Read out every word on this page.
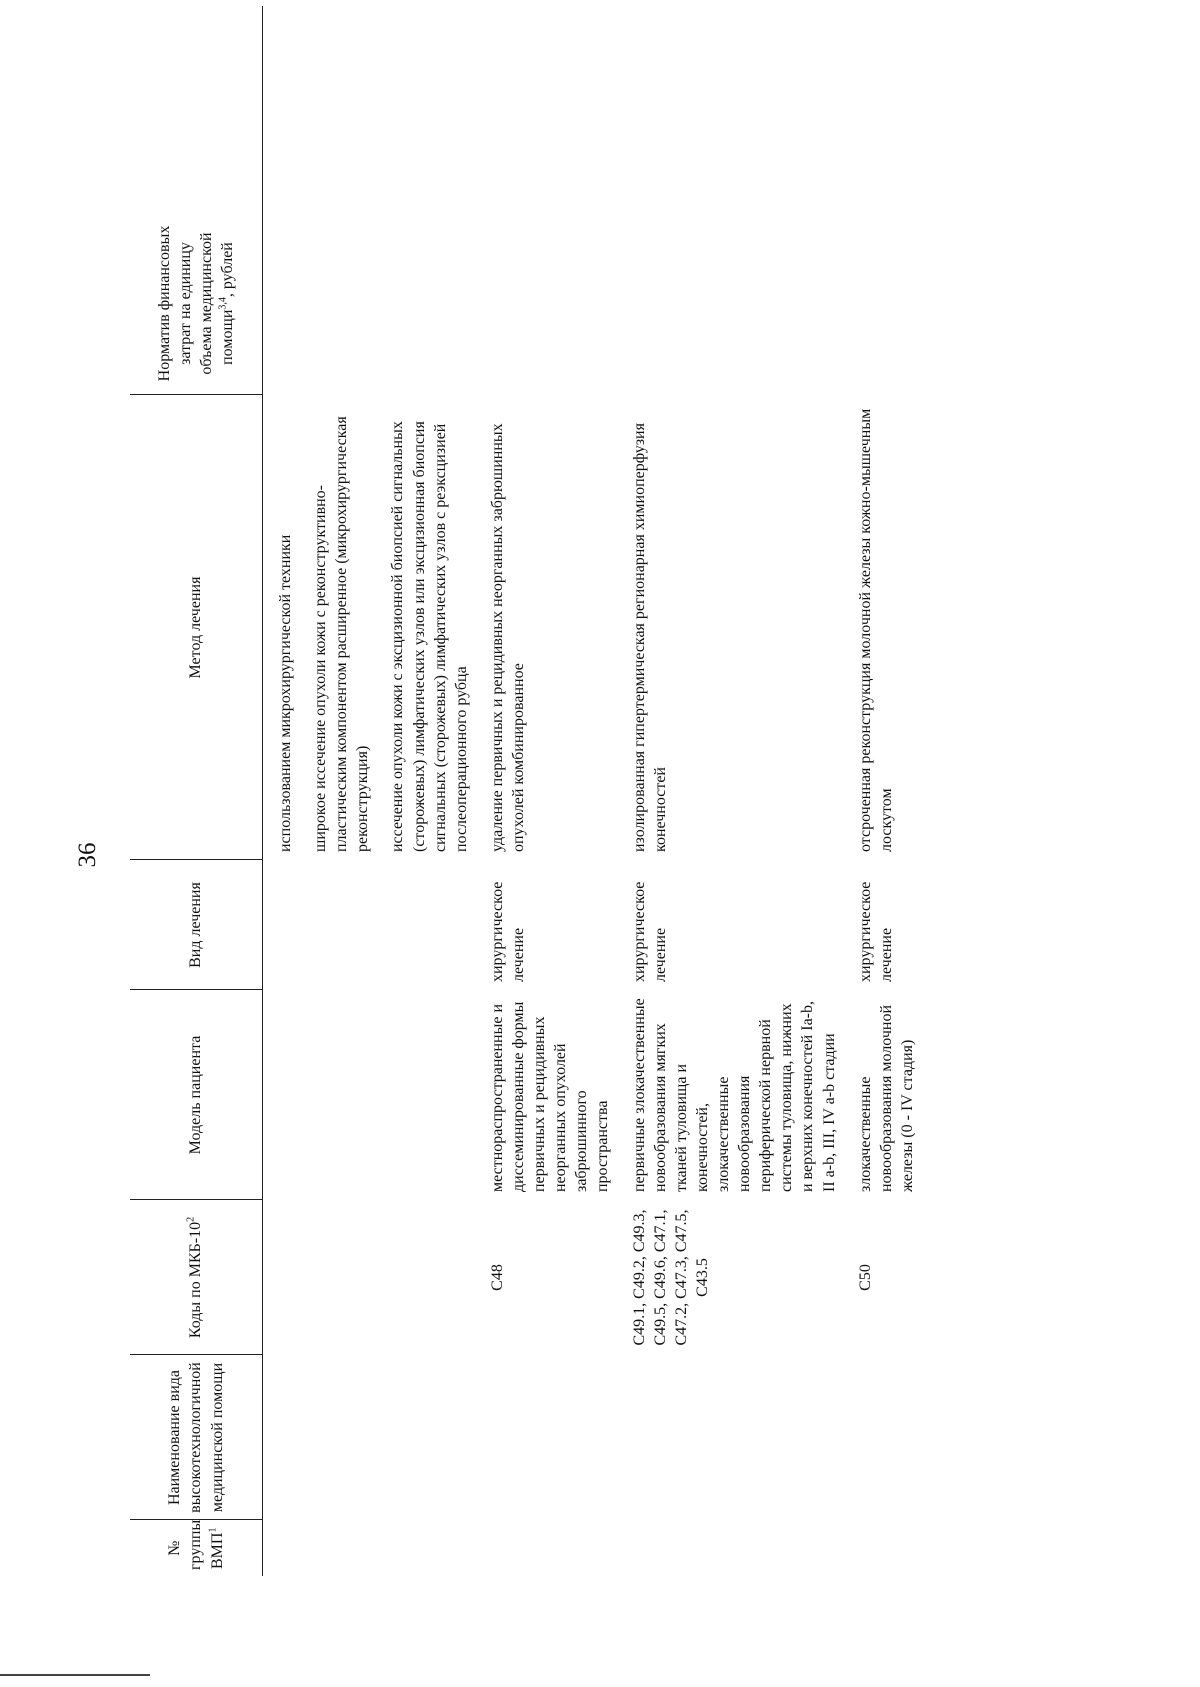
36
№ группы ВМП$^1$	Наименование вида высокотехнологичной медицинской помощи	Коды по МКБ-$10^2$	Модель пациента	Вид лечения	Метод лечения	Норматив финансовых затрат на единицу объема медицинской помощи$^{3,4}$, рублей

					использованием микрохирургической техники широкое иссечение опухоли кожи с реконструктивно-пластическим компонентом расширенное (микрохирургическая реконструкция) иссечение опухоли кожи с эксцизионной биопсией сигнальных (сторожевых) лимфатических узлов или эксцизионная биопсия сигнальных (сторожевых) лимфатических узлов с реэксцизией послеоперационного рубца	

		C48	местнораспространенные и диссеминированные формы первичных и рецидивных неорганных опухолей забрюшинного пространства	хирургическое лечение	удаление первичных и рецидивных неорганных забрюшинных опухолей комбинированное	

		C49.1, C49.2, C49.3, C49.5, C49.6, C47.1, C47.2, C47.3, C47.5, C43.5	первичные злокачественные новообразования мягких тканей туловища и конечностей, злокачественные новообразования периферической нервной системы туловища, нижних и верхних конечностей Ia-b, II a-b, III, IV a-b стадии	хирургическое лечение	изолированная гипертермическая регионарная химиоперфузия конечностей	

		C50	злокачественные новообразования молочной железы (0 - IV стадия)	хирургическое лечение	отсроченная реконструкция молочной железы кожно-мышечным лоскутом	
